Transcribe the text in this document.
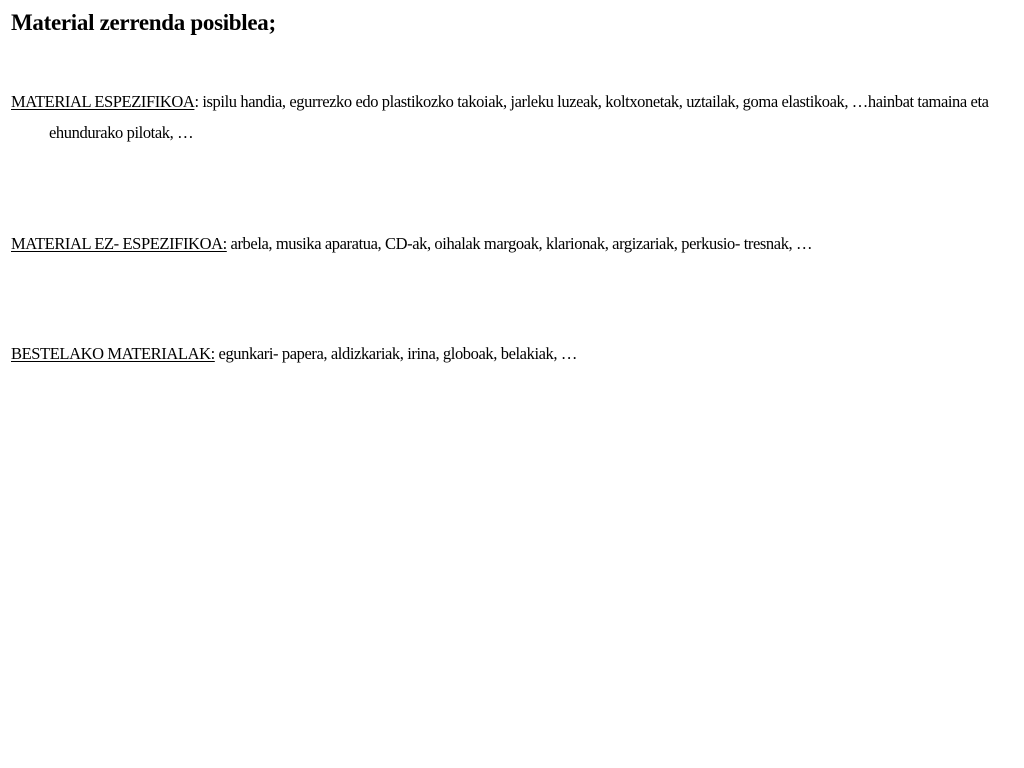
Material zerrenda posiblea;

MATERIAL ESPEZIFIKOA: ispilu handia, egurrezko edo plastikozko takoiak, jarleku luzeak, koltxonetak, uztailak, goma elastikoak, …hainbat tamaina eta ehundurako pilotak, …

MATERIAL EZ- ESPEZIFIKOA: arbela, musika aparatua, CD-ak, oihalak margoak, klarionak, argizariak, perkusio- tresnak, …

BESTELAKO MATERIALAK: egunkari- papera, aldizkariak, irina, globoak, belakiak, …
